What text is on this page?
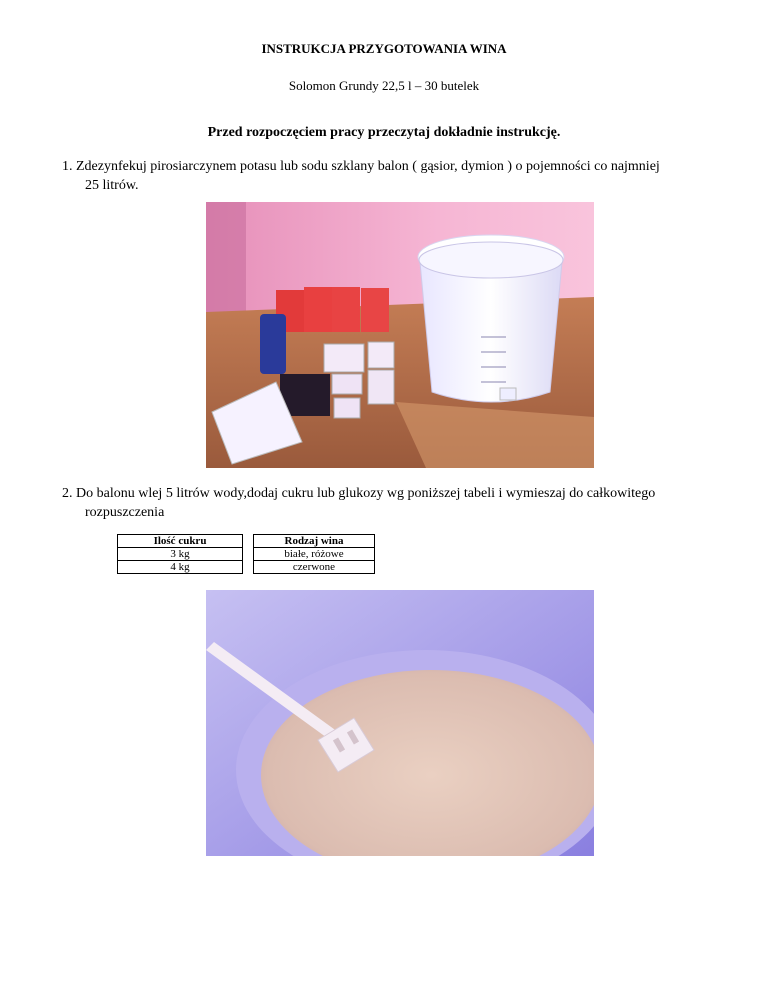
INSTRUKCJA PRZYGOTOWANIA WINA
Solomon Grundy 22,5 l – 30 butelek
Przed rozpoczęciem pracy przeczytaj dokładnie instrukcję.
1. Zdezynfekuj pirosiarczynem potasu lub sodu szklany balon ( gąsior, dymion ) o pojemności co najmniej
25 litrów.
2. Do balonu wlej 5 litrów wody,dodaj cukru lub glukozy wg poniższej tabeli i wymieszaj do całkowitego
rozpuszczenia
Ilość cukru		Rodzaj wina
3 kg		białe, różowe
4 kg		czerwone
